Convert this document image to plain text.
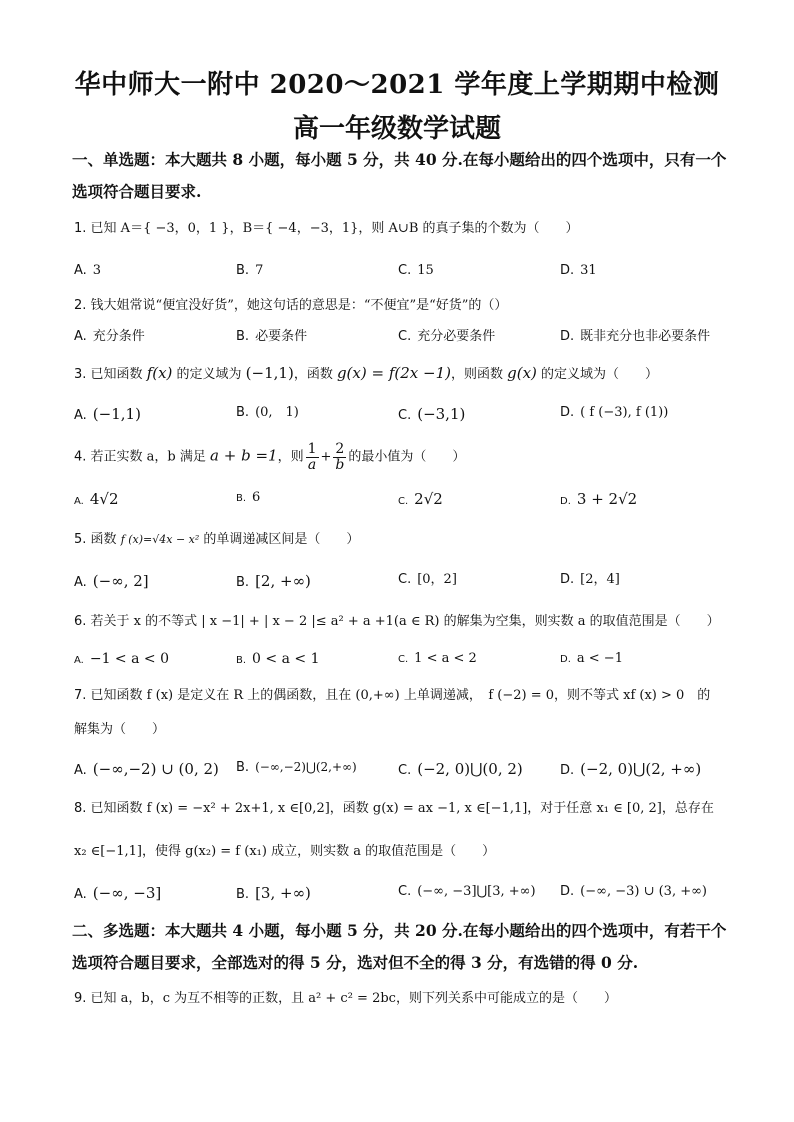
华中师大一附中 2020～2021 学年度上学期期中检测
高一年级数学试题
一、单选题：本大题共 8 小题，每小题 5 分，共 40 分.在每小题给出的四个选项中，只有一个
选项符合题目要求.
1. 已知 A＝{ −3，0，1 }，B＝{ −4，−3，1}，则 A∪B 的真子集的个数为（　　）
A. 3	B. 7	C. 15	D. 31
2. 钱大姐常说“便宜没好货”，她这句话的意思是：“不便宜”是“好货”的（）
A. 充分条件	B. 必要条件	C. 充分必要条件	D. 既非充分也非必要条件
3. 已知函数 f(x) 的定义域为 (−1,1)，函数 g(x) = f(2x −1)，则函数 g(x) 的定义域为（　　）
A. (−1,1)	B. (0,　1)	C. (−3,1)	D. ( f (−3), f (1))
4. 若正实数 a，b 满足 a + b =1，则 $\frac{1}{a} + \frac{2}{b}$ 的最小值为（　　）
A. 4√2	B. 6	C. 2√2	D. 3 + 2√2
5. 函数 f (x)=√4x − x² 的单调递减区间是（　　）
A. (−∞, 2]	B. [2, +∞)	C. [0，2]	D. [2，4]
6. 若关于 x 的不等式 | x −1| + | x − 2 |≤ a² + a +1(a ∈ R) 的解集为空集，则实数 a 的取值范围是（　　）
A. −1 < a < 0	B. 0 < a < 1	C. 1 < a < 2	D. a < −1
7. 已知函数 f (x) 是定义在 R 上的偶函数，且在 (0,+∞) 上单调递减，　f (−2) = 0，则不等式 xf (x) > 0　的
解集为（　　）
A. (−∞,−2) ∪ (0, 2) B. (−∞,−2)⋃(2,+∞)	C. (−2, 0)⋃(0, 2)	D. (−2, 0)⋃(2, +∞)
8. 已知函数 f (x) = −x² + 2x+1, x ∈[0,2]，函数 g(x) = ax −1, x ∈[−1,1]，对于任意 x₁ ∈ [0, 2]，总存在
x₂ ∈[−1,1]，使得 g(x₂) = f (x₁) 成立，则实数 a 的取值范围是（　　）
A. (−∞, −3]	B. [3, +∞)	C. (−∞, −3]⋃[3, +∞) D. (−∞, −3) ∪ (3, +∞)
二、多选题：本大题共 4 小题，每小题 5 分，共 20 分.在每小题给出的四个选项中，有若干个
选项符合题目要求，全部选对的得 5 分，选对但不全的得 3 分，有选错的得 0 分.
9. 已知 a，b，c 为互不相等的正数，且 a² + c² = 2bc，则下列关系中可能成立的是（　　）
